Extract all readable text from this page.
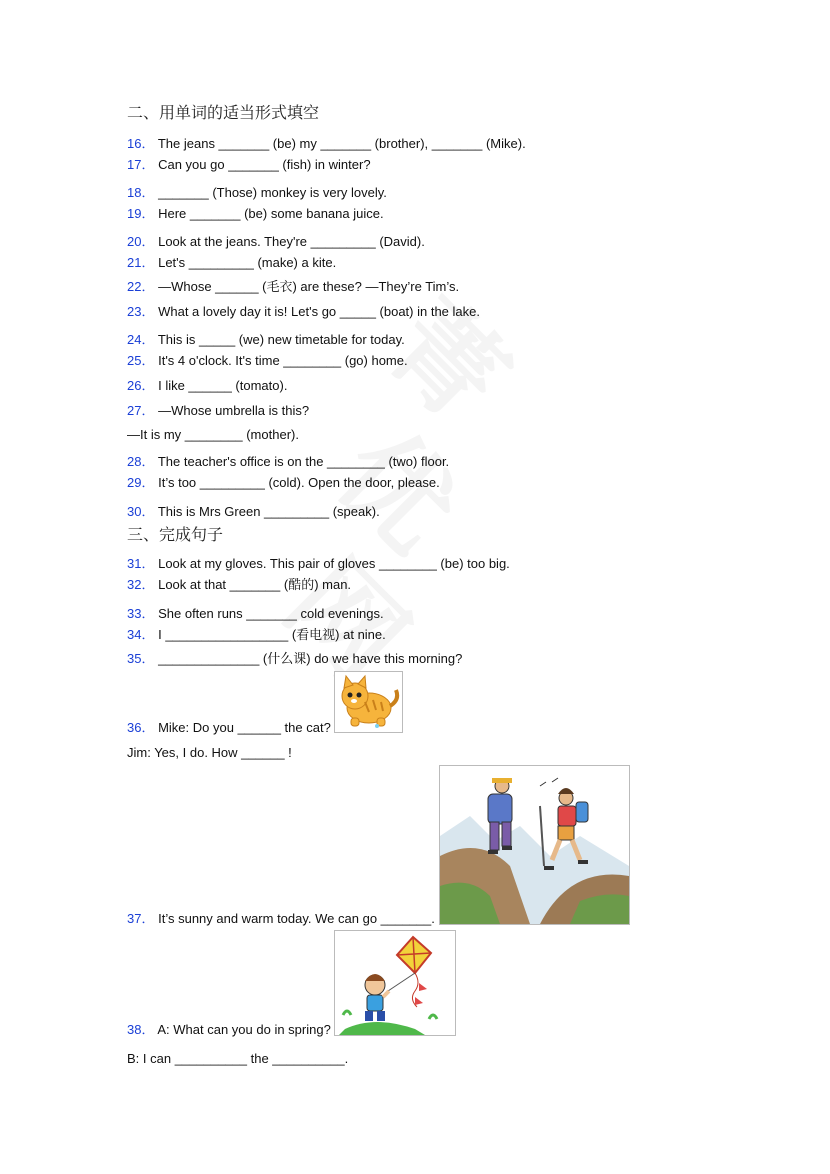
二、用单词的适当形式填空
16． The jeans _______ (be) my _______ (brother), _______ (Mike).
17． Can you go _______ (fish) in winter?
18． _______ (Those) monkey is very lovely.
19． Here _______ (be) some banana juice.
20． Look at the jeans. They're _________ (David).
21． Let's _________ (make) a kite.
22． —Whose ______ (毛衣) are these? —They’re Tim’s.
23． What a lovely day it is! Let's go _____ (boat) in the lake.
24． This is _____ (we) new timetable for today.
25． It's 4 o'clock. It's time ________ (go) home.
26． I like ______ (tomato).
27． —Whose umbrella is this?
—It is my ________ (mother).
28． The teacher's office is on the ________ (two) floor.
29． It’s too _________ (cold). Open the door, please.
30． This is Mrs Green _________ (speak).
三、完成句子
31． Look at my gloves. This pair of gloves ________ (be) too big.
32． Look at that _______ (酷的) man.
33． She often runs _______ cold evenings.
34． I _________________ (看电视) at nine.
35． ______________ (什么课) do we have this morning?
36． Mike: Do you ______ the cat?
Jim: Yes, I do. How ______ !
37． It’s sunny and warm today. We can go _______.
38． A: What can you do in spring?
B: I can __________ the __________.
